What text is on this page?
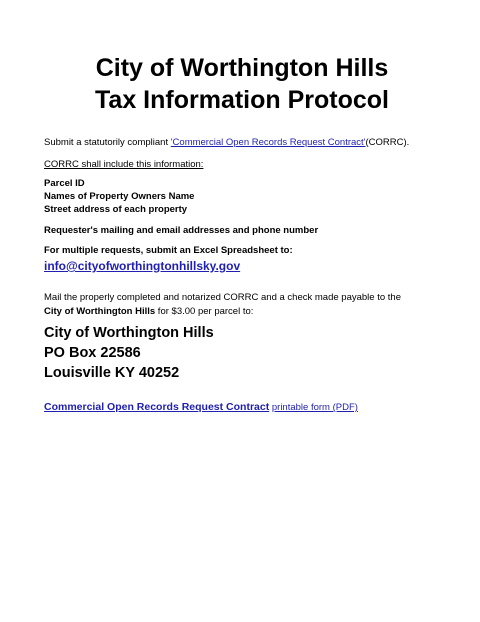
City of Worthington Hills
Tax Information Protocol

Submit a statutorily compliant 'Commercial Open Records Request Contract'(CORRC).

CORRC shall include this information:
Parcel ID
Names of Property Owners Name
Street address of each property

Requester's mailing and email addresses and phone number

For multiple requests, submit an Excel Spreadsheet to:

info@cityofworthingtonhillsky.gov

Mail the properly completed and notarized CORRC and a check made payable to the
City of Worthington Hills for $3.00 per parcel to:

City of Worthington Hills
PO Box 22586
Louisville KY 40252

Commercial Open Records Request Contract printable form (PDF)
